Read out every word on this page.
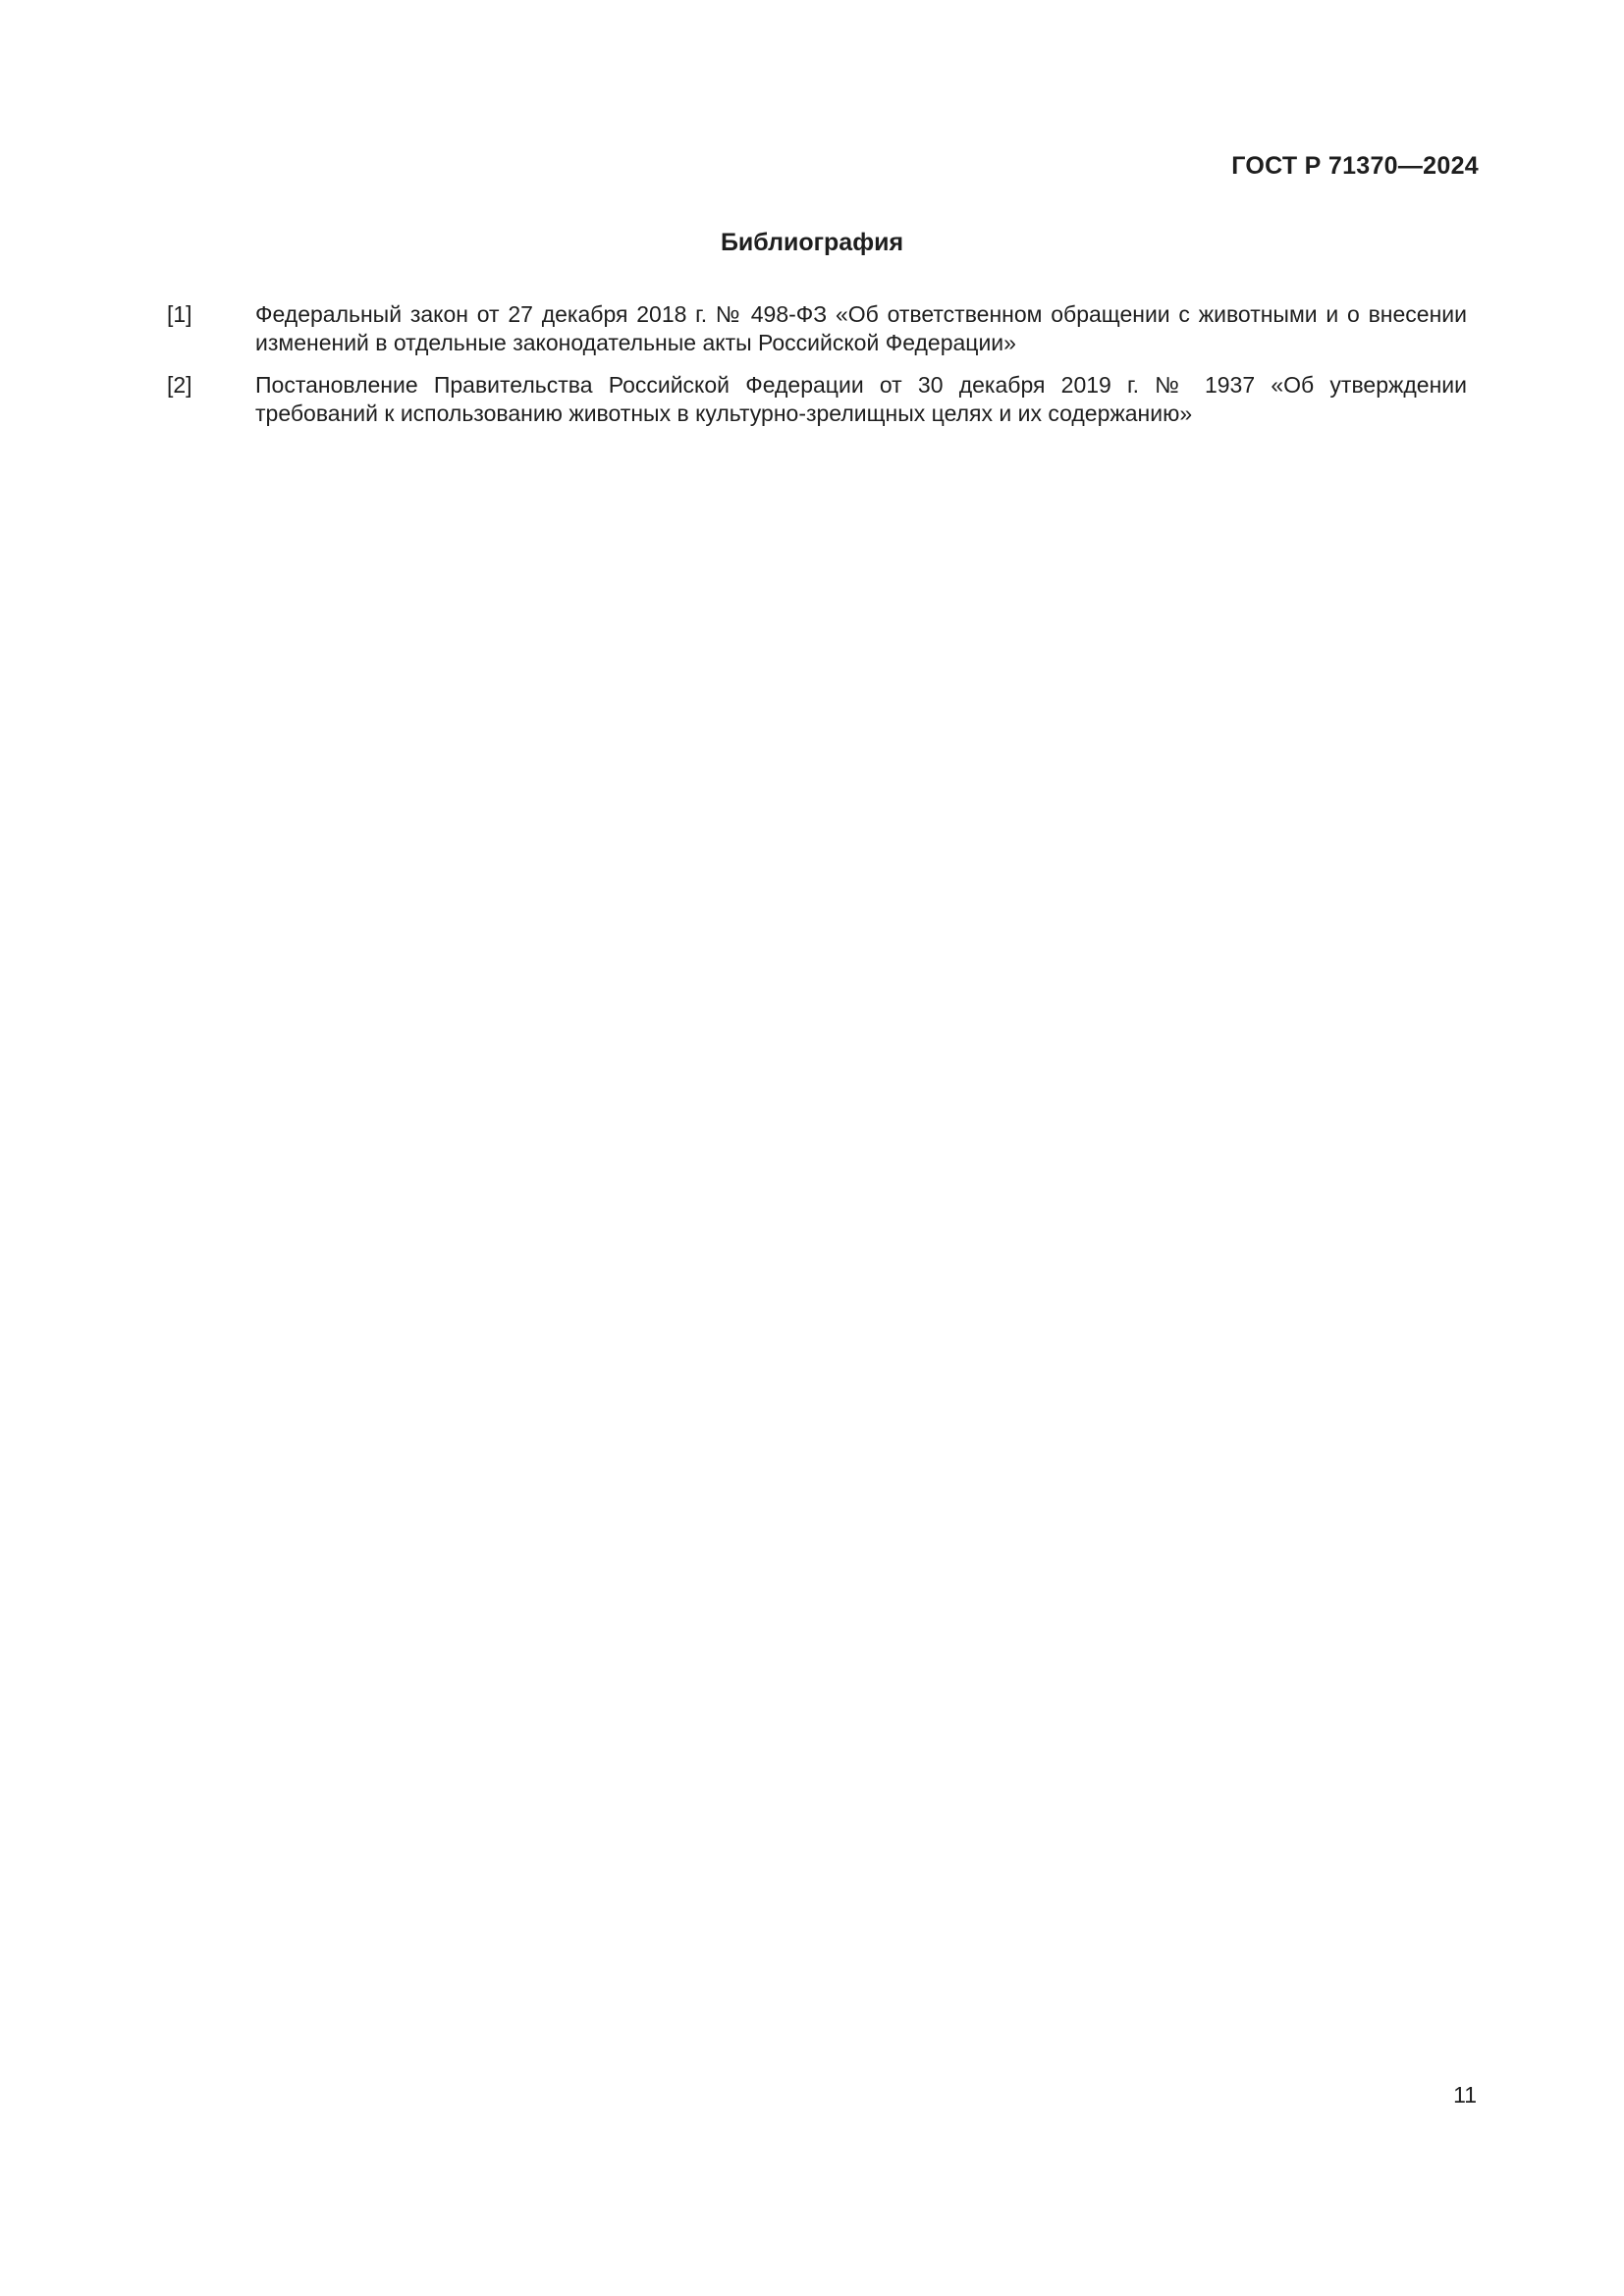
ГОСТ Р 71370—2024
Библиография
[1]	Федеральный закон от 27 декабря 2018 г. № 498-ФЗ «Об ответственном обращении с животными и о внесении изменений в отдельные законодательные акты Российской Федерации»
[2]	Постановление Правительства Российской Федерации от 30 декабря 2019 г. № 1937 «Об утверждении требований к использованию животных в культурно-зрелищных целях и их содержанию»
11
